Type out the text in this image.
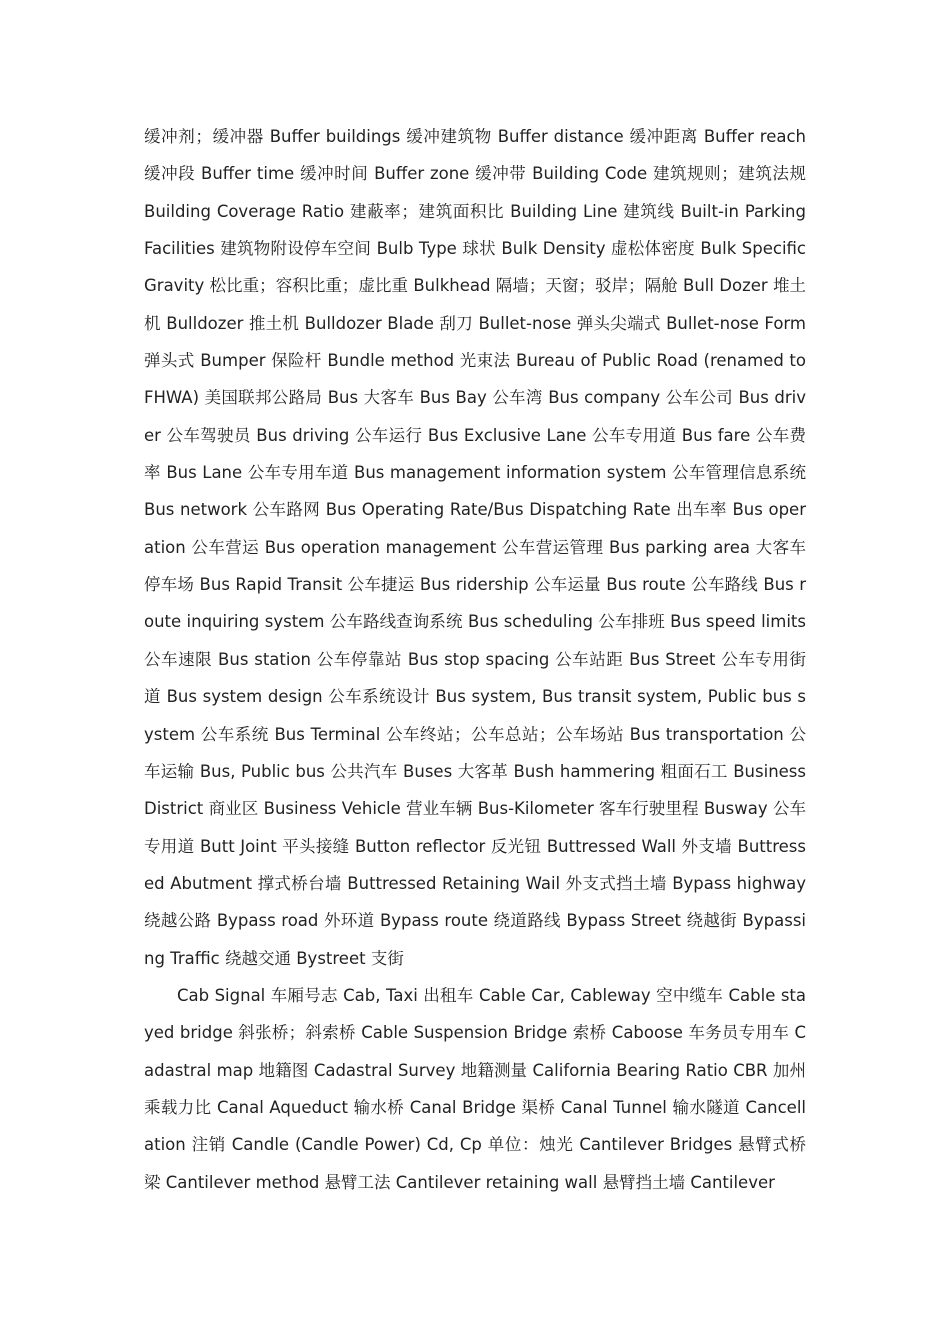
缓冲剂；缓冲器 Buffer buildings 缓冲建筑物 Buffer distance 缓冲距离 Buffer reach 缓冲段 Buffer time 缓冲时间 Buffer zone 缓冲带 Building Code 建筑规则；建筑法规 Building Coverage Ratio 建蔽率；建筑面积比 Building Line 建筑线 Built-in Parking Facilities 建筑物附设停车空间 Bulb Type 球状 Bulk Density 虚松体密度 Bulk Specific Gravity 松比重；容积比重；虚比重 Bulkhead 隔墙；天窗；驳岸；隔舱 Bull Dozer 堆土机 Bulldozer 推土机 Bulldozer Blade 刮刀 Bullet-nose 弹头尖端式 Bullet-nose Form 弹头式 Bumper 保险杆 Bundle method 光束法 Bureau of Public Road (renamed to FHWA) 美国联邦公路局 Bus 大客车 Bus Bay 公车湾 Bus company 公车公司 Bus driver 公车驾驶员 Bus driving 公车运行 Bus Exclusive Lane 公车专用道 Bus fare 公车费率 Bus Lane 公车专用车道 Bus management information system 公车管理信息系统 Bus network 公车路网 Bus Operating Rate/Bus Dispatching Rate 出车率 Bus operation 公车营运 Bus operation management 公车营运管理 Bus parking area 大客车停车场 Bus Rapid Transit 公车捷运 Bus ridership 公车运量 Bus route 公车路线 Bus route inquiring system 公车路线查询系统 Bus scheduling 公车排班 Bus speed limits 公车速限 Bus station 公车停靠站 Bus stop spacing 公车站距 Bus Street 公车专用街道 Bus system design 公车系统设计 Bus system, Bus transit system, Public bus system 公车系统 Bus Terminal 公车终站；公车总站；公车场站 Bus transportation 公车运输 Bus, Public bus 公共汽车 Buses 大客革 Bush hammering 粗面石工 Business District 商业区 Business Vehicle 营业车辆 Bus-Kilometer 客车行驶里程 Busway 公车专用道 Butt Joint 平头接缝 Button reflector 反光钮 Buttressed Wall 外支墙 Buttressed Abutment 撑式桥台墙 Buttressed Retaining Wail 外支式挡土墙 Bypass highway 绕越公路 Bypass road 外环道 Bypass route 绕道路线 Bypass Street 绕越街 Bypassing Traffic 绕越交通 Bystreet 支街

Cab Signal 车厢号志 Cab, Taxi 出租车 Cable Car, Cableway 空中缆车 Cable stayed bridge 斜张桥；斜索桥 Cable Suspension Bridge 索桥 Caboose 车务员专用车 Cadastral map 地籍图 Cadastral Survey 地籍测量 California Bearing Ratio CBR 加州乘载力比 Canal Aqueduct 输水桥 Canal Bridge 渠桥 Canal Tunnel 输水隧道 Cancellation 注销 Candle (Candle Power) Cd, Cp 单位：烛光 Cantilever Bridges 悬臂式桥梁 Cantilever method 悬臂工法 Cantilever retaining wall 悬臂挡土墙 Cantilever
